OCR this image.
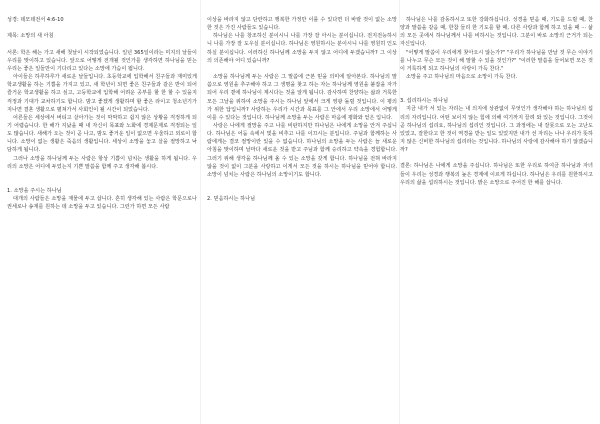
성경: 데모데전서 4:6-10

제목: 소망의 새 아침

서론: 학은 해는 가고 새해 첫날이 시작되었습니다. 일년 365일이라는 미지의 날들이 우리를 맞이하고 있습니다. 앞으로 어떻게 전개될 것인가를 생각하면 하나님을 믿는 우리는 좋은 일들만이 기다리고 있다는 소망에 가슴이 뜁니다.

아이들은 하루하루가 새로운 날들입니다. 초등학교에 입학해서 친구들과 재미있게 학교생활을 하는 기쁨을 가지고 있고, 새 학년이 되면 좋은 친구들과 같은 반이 되어 즐거운 학교생활을 하고 싶고, 고등학교에 입학해 어려운 공부를 할 한 할 수 있을지 걱정과 기대가 교차하기도 합니다. 밤고 좋겠게 생활하며 할 좋은 라이고 청소년기가 지나면 결혼 생활으로 펼쳐가서 사회인이 될 시간이 되었습니다.

어른들은 세상에서 버티고 살아가는 것이 막막하고 쉽지 않은 상황을 걱정하게 되기 어렵습니다. 한 해가 지났을 때 내 자신이 목표와 노화에 경제문제로 걱정되는 일도 많습니다. 새해가 오는 것이 곧 나고, 밤도 좋거운 일이 없으면 우울하고 외로이 합니다. 소망이 없는 생활은 죽음의 생활입니다. 세상이 소망을 놓고 살을 절망하고 낙담하게 됩니다.

그러나 소망을 하나님께 두는 사람은 항상 기쁨이 넘치는 생활을 하게 됩니다. 우리의 소망은 어디에 두었는지 기쁜 말씀을 함께 주고 생각해 봅시다.

1. 소망을 주시는 하나님

대개의 사람들은 소망을 재물에 두고 삽니다. 흔히 생각해 있는 사람은 학문으로나 권세로나 송재를 원하는 데 소망을 두고 있습니다. 그런가 하면 모든 사람

이상을 바라지 않고 단란하고 행복한 가정만 이룰 수 있다면 더 바랄 것이 없는 소망한 것은 가진 사람들도 있습니다.

하나님은 나를 창조하신 분이시니 나를 가장 잘 아시는 분이십니다. 전지전능하시니 나를 가장 잘 도우실 분이십니다. 하나님은 영원하시는 분이시니 나를 영원히 인도하실 분이십니다. 이러하신 하나님께 소망을 두지 않고 어디에 두겠습니까? 그 이상의 의존해야 어디 있습니까?

소망을 하나님께 두는 사람은 그 말씀에 근본 믿을 의미에 알아본다. 하나님의 말씀으로 영원을 추구해야 하고 그 생명을 찾고 하는 자는 하나님께 영원을 붙잡을 자가 되어 우리 곁에 하나님이 계시다는 것을 알게 됩니다. 감사하며 찬양하는 삶과 거룩한 모든 그날을 위하여 소망을 주시는 하나님 앞에서 크게 영광 돌릴 것입니다. 이 평의가 위한 답입니까? 사랑하는 우리가 시간과 목표를 그 안에서 우리 소망에서 어떻게 이를 수 있다는 것입니다. 하나님께 소망을 두는 사람은 마음에 평화와 얻은 입니다.

사랑은 나에게 절망을 주고 나를 비판하지만 하나님은 나에게 소망을 안겨 주십니다. 하나님은 어둠 속에서 빛을 비추고 나를 이끄시는 분입니다. 주님과 함께하는 사람에게는 결코 절망이란 있을 수 없습니다. 하나님의 소망을 두는 사람은 늘 새로운 아침을 맞이하며 날마다 새로운 것을 받고 주님과 함께 승리하고 약속을 경험합니다. 그러기 위해 생각을 하나님께 올 수 있는 소망을 갖게 합니다. 하나님을 전혀 바라지 않을 것이 없이 그분을 사랑하고 이게서 모든 것을 하시는 하나님을 믿어야 합니다. 소망이 넘치는 사람은 하나님의 소망이기도 합니다.

2. 믿음하시는 하나님

하나님은 나를 감동하시고 또한 강화하십니다. 성경을 믿음 때, 기도를 드릴 때, 찬양과 말씀을 같음 때, 한참 들리 한 기도를 할 때, 다른 사랑과 함께 하고 있을 때 ··· 삶의 모든 곳에서 하나님께서 나를 비하시는 것입니다. 그분이 바로 소망의 근거가 되는 자신입니다.

"어떻게 말씀이 우리에게 찾아오시 않는가?" "우리가 하나님을 만날 것 무슨 이야기를 나누고 무슨 모든 것이 해 말할 수 있을 것인가?" "이러한 말씀을 들어보면 모든 것이 거룩하게 되고 하나님의 사랑이 가득 찬다."

소망을 주고 하나님의 마음으로 소망이 가득 찬다.

3. 섭리하시는 하나님

지금 내가 서 있는 자리는 내 의지에 상관없이 무엇인가 생각해야 하는 하나님의 섭리의 자리입니다. 어떤 보이지 않는 힘에 의해 여기까지 끌려 와 있는 것입니다. 그것이 곧 하나님의 섭리요, 하나님의 섭리인 것입니다. 그 과정에는 내 잘못으로 오는 고난도 있었고, 잘한다고 한 것이 역경을 받는 일도 있었지만 내가 선 자리는 나나 우리가 뜻하지 않은 신비한 하나님의 섭리라는 것입니다. 하나님의 사랑에 감사해야 하기 않겠습니까?

결론: 하나님은 나에게 소망을 주십니다. 하나님은 또한 우리로 하여금 하나님과 자녀들이 우리는 성경과 행복의 높은 경계에 이르게 하십니다. 하나님은 우리를 원한하시고 우리의 삶을 섭리하시는 것입니다. 밝은 소망으로 주어진 한 해를 삽니다.
